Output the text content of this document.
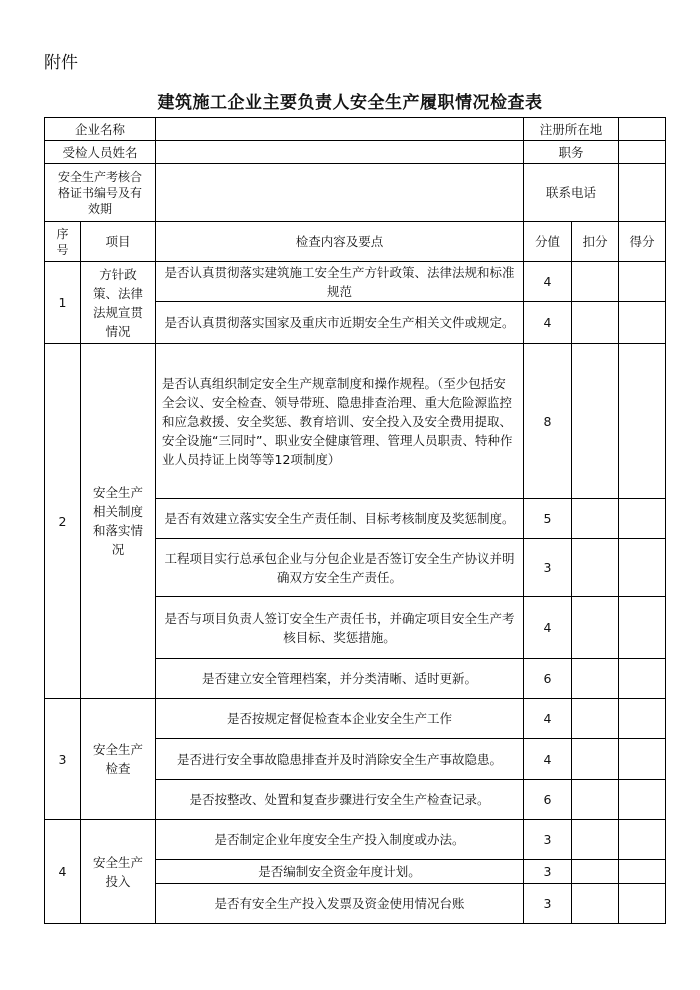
附件
建筑施工企业主要负责人安全生产履职情况检查表
企业名称			注册所在地		
受检人员姓名			职务		
安全生产考核合格证书编号及有效期			联系电话		
序号	项目	检查内容及要点	分值	扣分	得分
1	方针政策、法律法规宣贯情况	是否认真贯彻落实建筑施工安全生产方针政策、法律法规和标准规范	4		
		是否认真贯彻落实国家及重庆市近期安全生产相关文件或规定。	4		
2	安全生产相关制度和落实情况	是否认真组织制定安全生产规章制度和操作规程。（至少包括安全会议、安全检查、领导带班、隐患排查治理、重大危险源监控和应急救援、安全奖惩、教育培训、安全投入及安全费用提取、安全设施“三同时”、职业安全健康管理、管理人员职责、特种作业人员持证上岗等等12项制度）	8		
		是否有效建立落实安全生产责任制、目标考核制度及奖惩制度。	5		
		工程项目实行总承包企业与分包企业是否签订安全生产协议并明确双方安全生产责任。	3		
		是否与项目负责人签订安全生产责任书，并确定项目安全生产考核目标、奖惩措施。	4		
		是否建立安全管理档案，并分类清晰、适时更新。	6		
3	安全生产检查	是否按规定督促检查本企业安全生产工作	4		
		是否进行安全事故隐患排查并及时消除安全生产事故隐患。	4		
		是否按整改、处置和复查步骤进行安全生产检查记录。	6		
4	安全生产投入	是否制定企业年度安全生产投入制度或办法。	3		
		是否编制安全资金年度计划。	3		
		是否有安全生产投入发票及资金使用情况台账	3		
